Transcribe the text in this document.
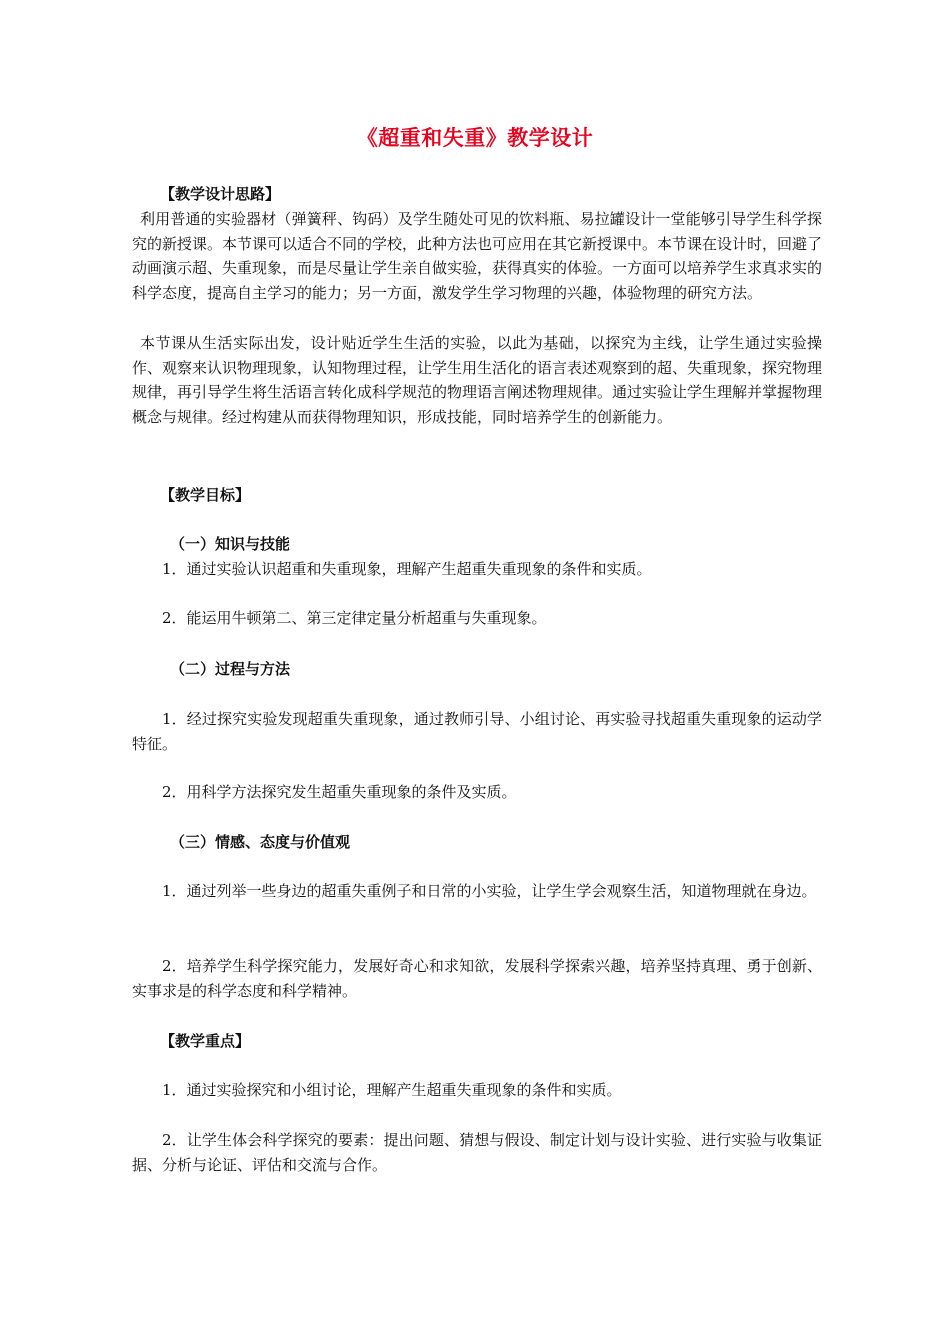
《超重和失重》教学设计
【教学设计思路】
利用普通的实验器材（弹簧秤、钩码）及学生随处可见的饮料瓶、易拉罐设计一堂能够引导学生科学探究的新授课。本节课可以适合不同的学校，此种方法也可应用在其它新授课中。本节课在设计时，回避了动画演示超、失重现象，而是尽量让学生亲自做实验，获得真实的体验。一方面可以培养学生求真求实的科学态度，提高自主学习的能力；另一方面，激发学生学习物理的兴趣，体验物理的研究方法。
本节课从生活实际出发，设计贴近学生生活的实验，以此为基础，以探究为主线，让学生通过实验操作、观察来认识物理现象，认知物理过程，让学生用生活化的语言表述观察到的超、失重现象，探究物理规律，再引导学生将生活语言转化成科学规范的物理语言阐述物理规律。通过实验让学生理解并掌握物理概念与规律。经过构建从而获得物理知识，形成技能，同时培养学生的创新能力。
【教学目标】
（一）知识与技能
1．通过实验认识超重和失重现象，理解产生超重失重现象的条件和实质。
2．能运用牛顿第二、第三定律定量分析超重与失重现象。
（二）过程与方法
1．经过探究实验发现超重失重现象，通过教师引导、小组讨论、再实验寻找超重失重现象的运动学特征。
2．用科学方法探究发生超重失重现象的条件及实质。
（三）情感、态度与价值观
1．通过列举一些身边的超重失重例子和日常的小实验，让学生学会观察生活，知道物理就在身边。
2．培养学生科学探究能力，发展好奇心和求知欲，发展科学探索兴趣，培养坚持真理、勇于创新、实事求是的科学态度和科学精神。
【教学重点】
1．通过实验探究和小组讨论，理解产生超重失重现象的条件和实质。
2．让学生体会科学探究的要素：提出问题、猜想与假设、制定计划与设计实验、进行实验与收集证据、分析与论证、评估和交流与合作。
